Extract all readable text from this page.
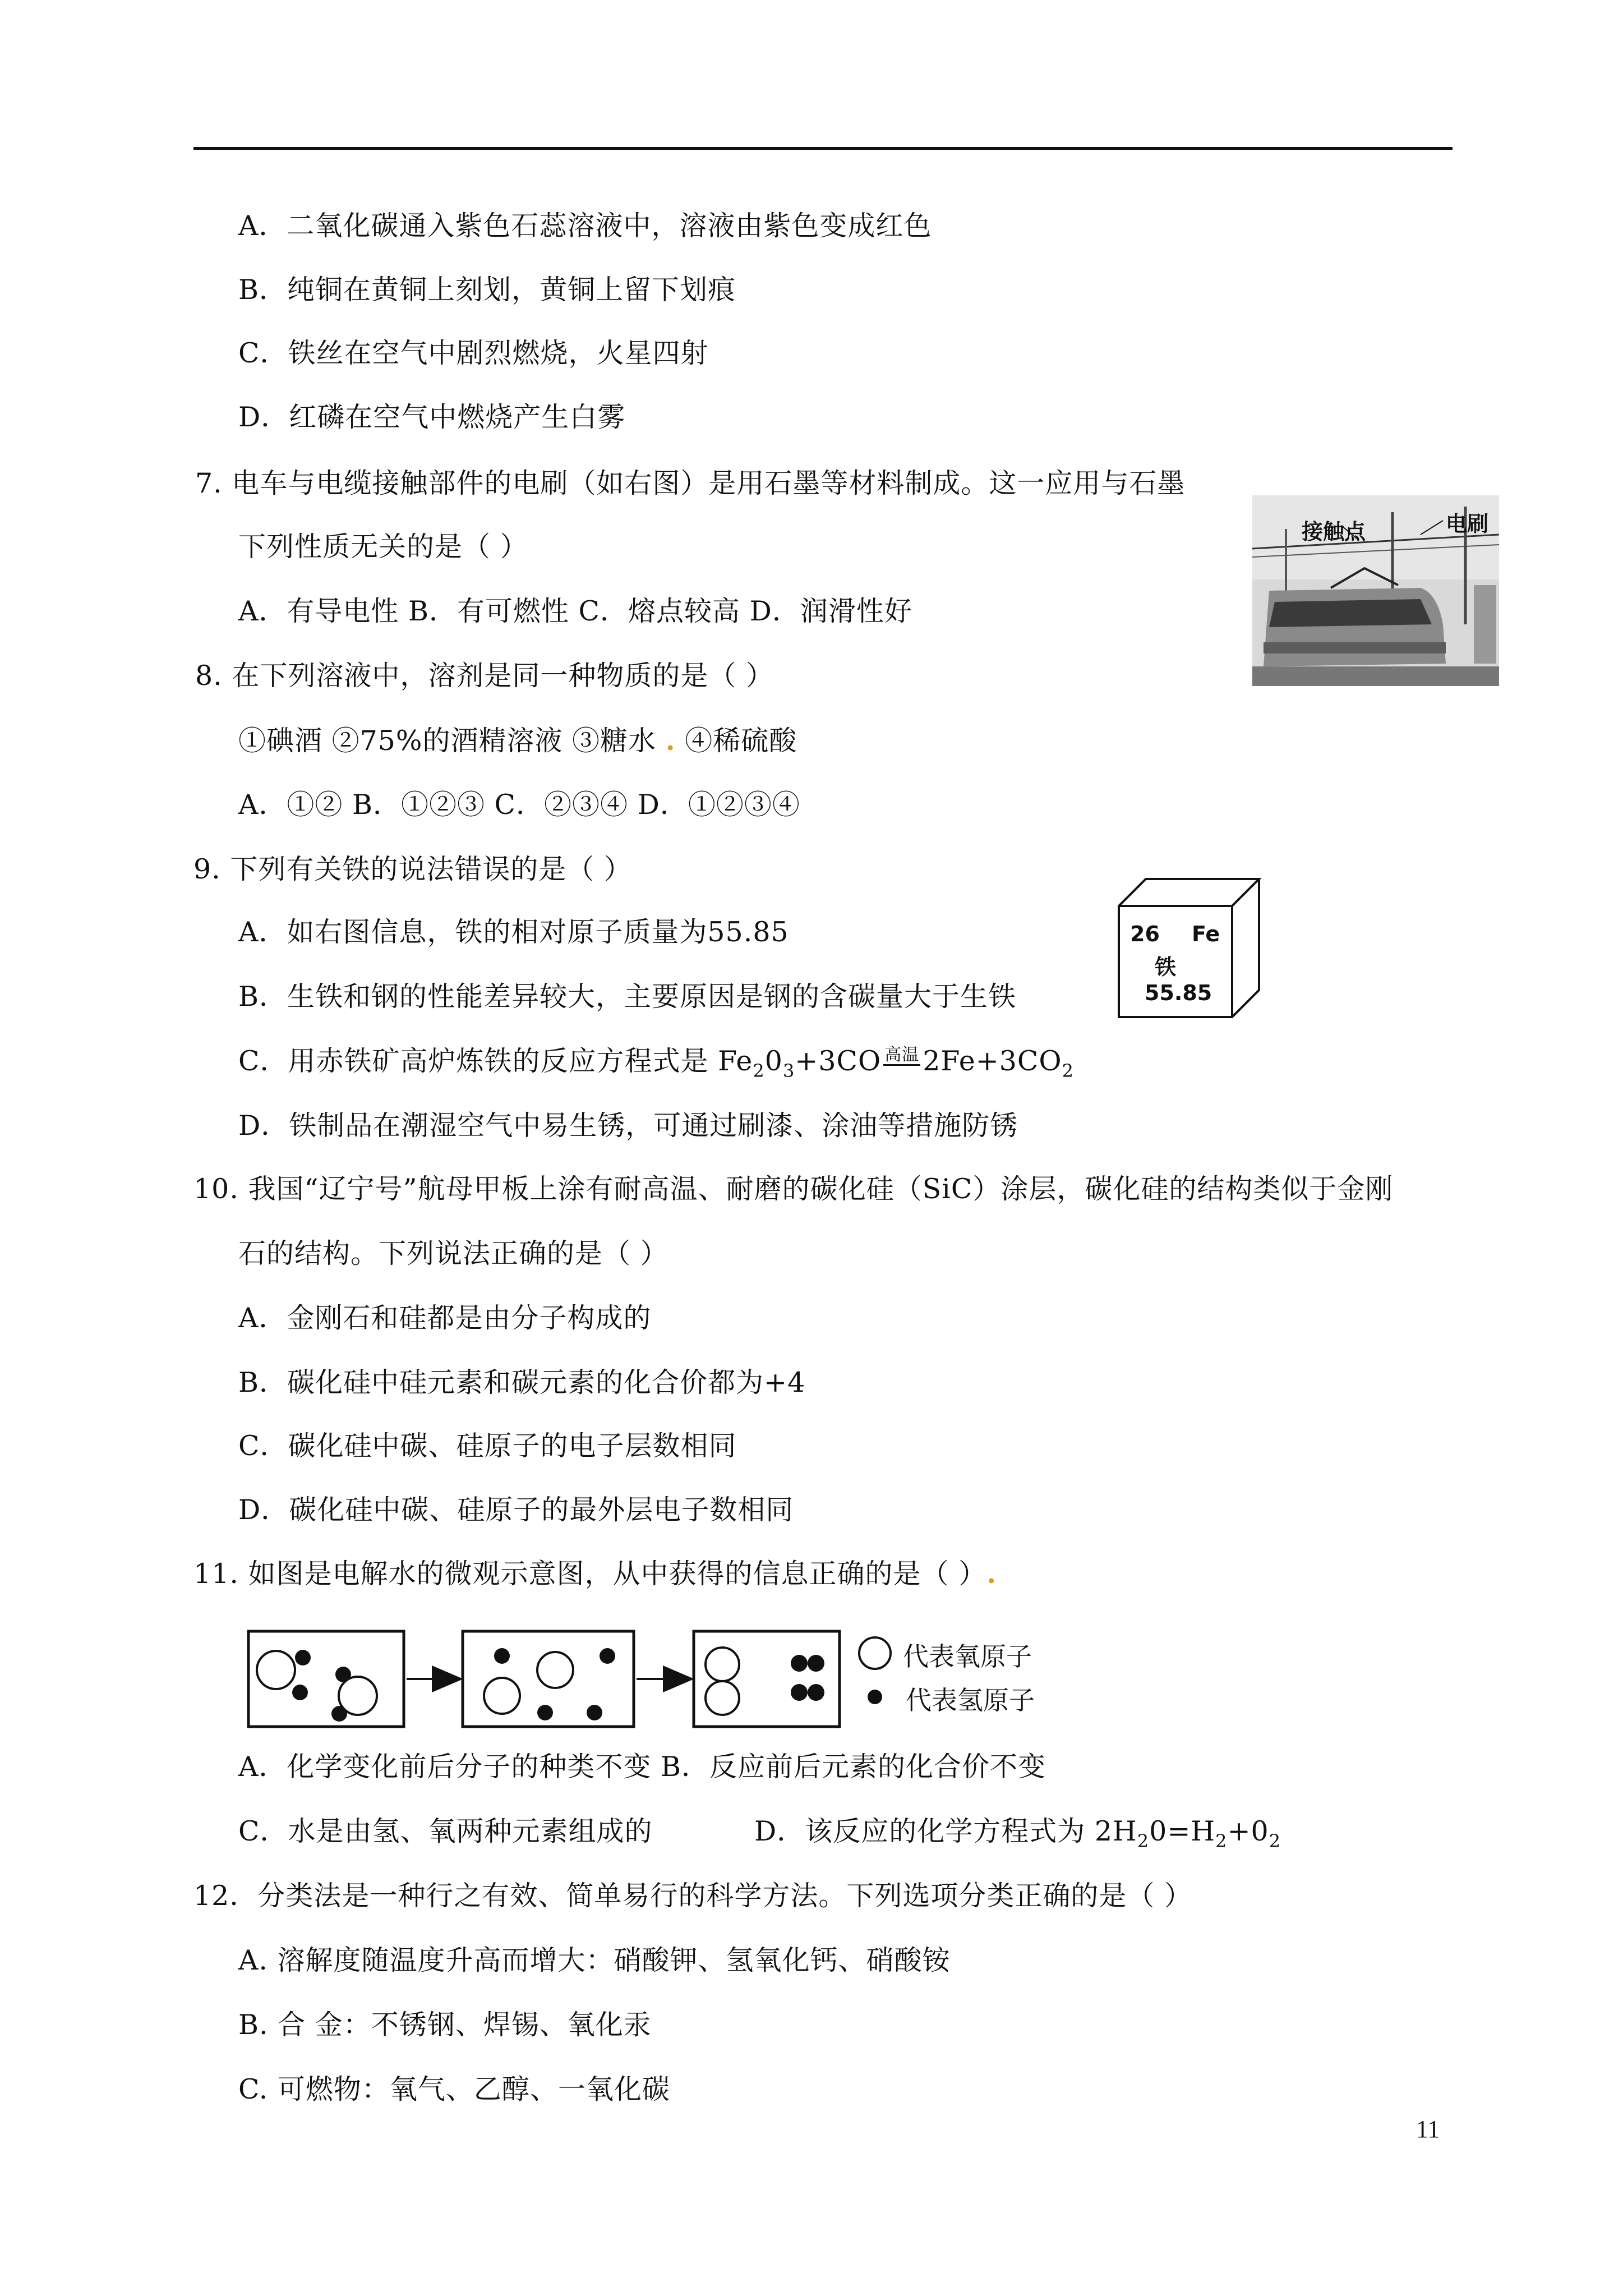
A．二氧化碳通入紫色石蕊溶液中，溶液由紫色变成红色
B．纯铜在黄铜上刻划，黄铜上留下划痕
C．铁丝在空气中剧烈燃烧，火星四射
D．红磷在空气中燃烧产生白雾
7. 电车与电缆接触部件的电刷（如右图）是用石墨等材料制成。这一应用与石墨
下列性质无关的是（ ）
A．有导电性 B．有可燃性 C．熔点较高 D．润滑性好
接触点	电刷
8. 在下列溶液中，溶剂是同一种物质的是（ ）
①碘酒 ②75%的酒精溶液 ③糖水 . ④稀硫酸
A．①② B．①②③ C．②③④ D．①②③④
9. 下列有关铁的说法错误的是（ ）
A．如右图信息，铁的相对原子质量为55.85
B．生铁和钢的性能差异较大，主要原因是钢的含碳量大于生铁
C．用赤铁矿高炉炼铁的反应方程式是 $Fe_20_3+3CO$ 高温 $2Fe+3CO_2$
D．铁制品在潮湿空气中易生锈，可通过刷漆、涂油等措施防锈
26 Fe
铁
55.85
10. 我国“辽宁号”航母甲板上涂有耐高温、耐磨的碳化硅（SiC）涂层，碳化硅的结构类似于金刚
石的结构。下列说法正确的是（ ）
A．金刚石和硅都是由分子构成的
B．碳化硅中硅元素和碳元素的化合价都为+4
C．碳化硅中碳、硅原子的电子层数相同
D．碳化硅中碳、硅原子的最外层电子数相同
11. 如图是电解水的微观示意图，从中获得的信息正确的是（ ）.
代表氧原子
代表氢原子
A．化学变化前后分子的种类不变 B．反应前后元素的化合价不变
C．水是由氢、氧两种元素组成的	D．该反应的化学方程式为 $2H_20=H_2+0_2$
12．分类法是一种行之有效、简单易行的科学方法。下列选项分类正确的是（ ）
A. 溶解度随温度升高而增大：硝酸钾、氢氧化钙、硝酸铵
B. 合 金：不锈钢、焊锡、氧化汞
C. 可燃物：氧气、乙醇、一氧化碳
11
